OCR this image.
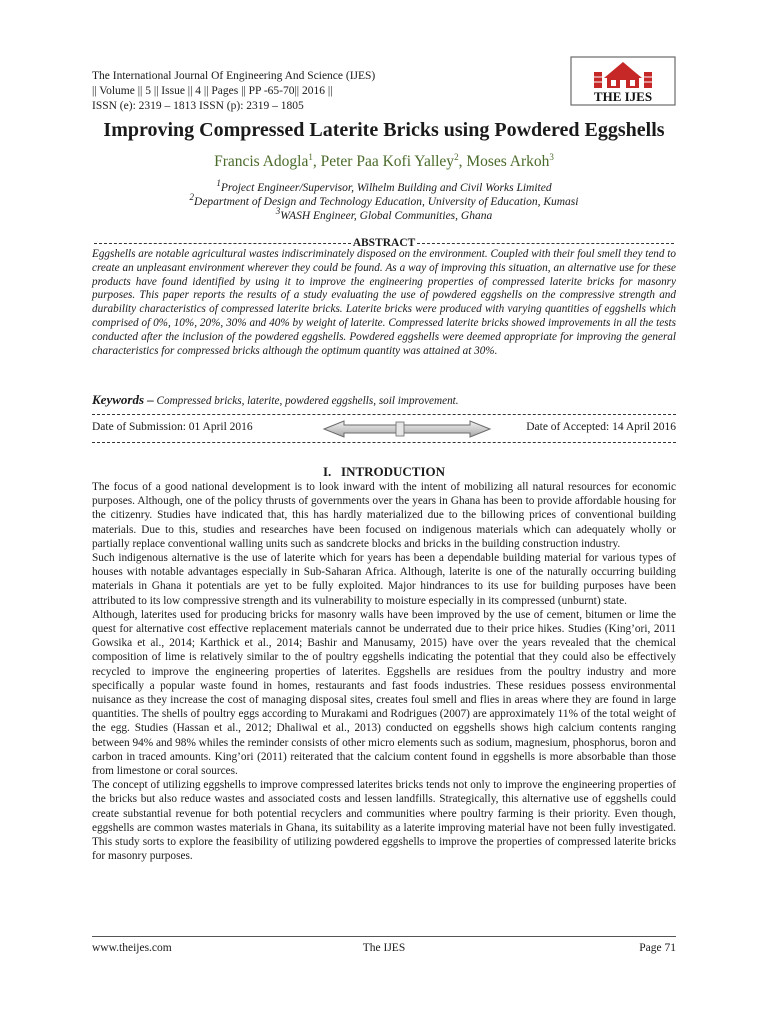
The International Journal Of Engineering And Science (IJES)
|| Volume || 5 || Issue || 4 || Pages || PP -65-70|| 2016 ||
ISSN (e): 2319 – 1813 ISSN (p): 2319 – 1805
THE IJES
Improving Compressed Laterite Bricks using Powdered Eggshells
Francis Adogla$^1$, Peter Paa Kofi Yalley$^2$, Moses Arkoh$^3$
$^1$Project Engineer/Supervisor, Wilhelm Building and Civil Works Limited
$^2$Department of Design and Technology Education, University of Education, Kumasi
$^3$WASH Engineer, Global Communities, Ghana
ABSTRACT
Eggshells are notable agricultural wastes indiscriminately disposed on the environment. Coupled with their foul smell they tend to create an unpleasant environment wherever they could be found. As a way of improving this situation, an alternative use for these products have found identified by using it to improve the engineering properties of compressed laterite bricks for masonry purposes. This paper reports the results of a study evaluating the use of powdered eggshells on the compressive strength and durability characteristics of compressed laterite bricks. Laterite bricks were produced with varying quantities of eggshells which comprised of 0%, 10%, 20%, 30% and 40% by weight of laterite. Compressed laterite bricks showed improvements in all the tests conducted after the inclusion of the powdered eggshells. Powdered eggshells were deemed appropriate for improving the general characteristics for compressed bricks although the optimum quantity was attained at 30%.
Keywords – Compressed bricks, laterite, powdered eggshells, soil improvement.
Date of Submission: 01 April 2016	Date of Accepted: 14 April 2016
I. INTRODUCTION

The focus of a good national development is to look inward with the intent of mobilizing all natural resources for economic purposes. Although, one of the policy thrusts of governments over the years in Ghana has been to provide affordable housing for the citizenry. Studies have indicated that, this has hardly materialized due to the billowing prices of conventional building materials. Due to this, studies and researches have been focused on indigenous materials which can adequately wholly or partially replace conventional walling units such as sandcrete blocks and bricks in the building construction industry.

Such indigenous alternative is the use of laterite which for years has been a dependable building material for various types of houses with notable advantages especially in Sub-Saharan Africa. Although, laterite is one of the naturally occurring building materials in Ghana it potentials are yet to be fully exploited. Major hindrances to its use for building purposes have been attributed to its low compressive strength and its vulnerability to moisture especially in its compressed (unburnt) state.

Although, laterites used for producing bricks for masonry walls have been improved by the use of cement, bitumen or lime the quest for alternative cost effective replacement materials cannot be underrated due to their price hikes. Studies (King’ori, 2011 Gowsika et al., 2014; Karthick et al., 2014; Bashir and Manusamy, 2015) have over the years revealed that the chemical composition of lime is relatively similar to the of poultry eggshells indicating the potential that they could also be effectively recycled to improve the engineering properties of laterites. Eggshells are residues from the poultry industry and more specifically a popular waste found in homes, restaurants and fast foods industries. These residues possess environmental nuisance as they increase the cost of managing disposal sites, creates foul smell and flies in areas where they are found in large quantities. The shells of poultry eggs according to Murakami and Rodrigues (2007) are approximately 11% of the total weight of the egg. Studies (Hassan et al., 2012; Dhaliwal et al., 2013) conducted on eggshells shows high calcium contents ranging between 94% and 98% whiles the reminder consists of other micro elements such as sodium, magnesium, phosphorus, boron and carbon in traced amounts. King’ori (2011) reiterated that the calcium content found in eggshells is more absorbable than those from limestone or coral sources.

The concept of utilizing eggshells to improve compressed laterites bricks tends not only to improve the engineering properties of the bricks but also reduce wastes and associated costs and lessen landfills. Strategically, this alternative use of eggshells could create substantial revenue for both potential recyclers and communities where poultry farming is their priority. Even though, eggshells are common wastes materials in Ghana, its suitability as a laterite improving material have not been fully investigated. This study sorts to explore the feasibility of utilizing powdered eggshells to improve the properties of compressed laterite bricks for masonry purposes.

www.theijes.com	The IJES	Page 71
